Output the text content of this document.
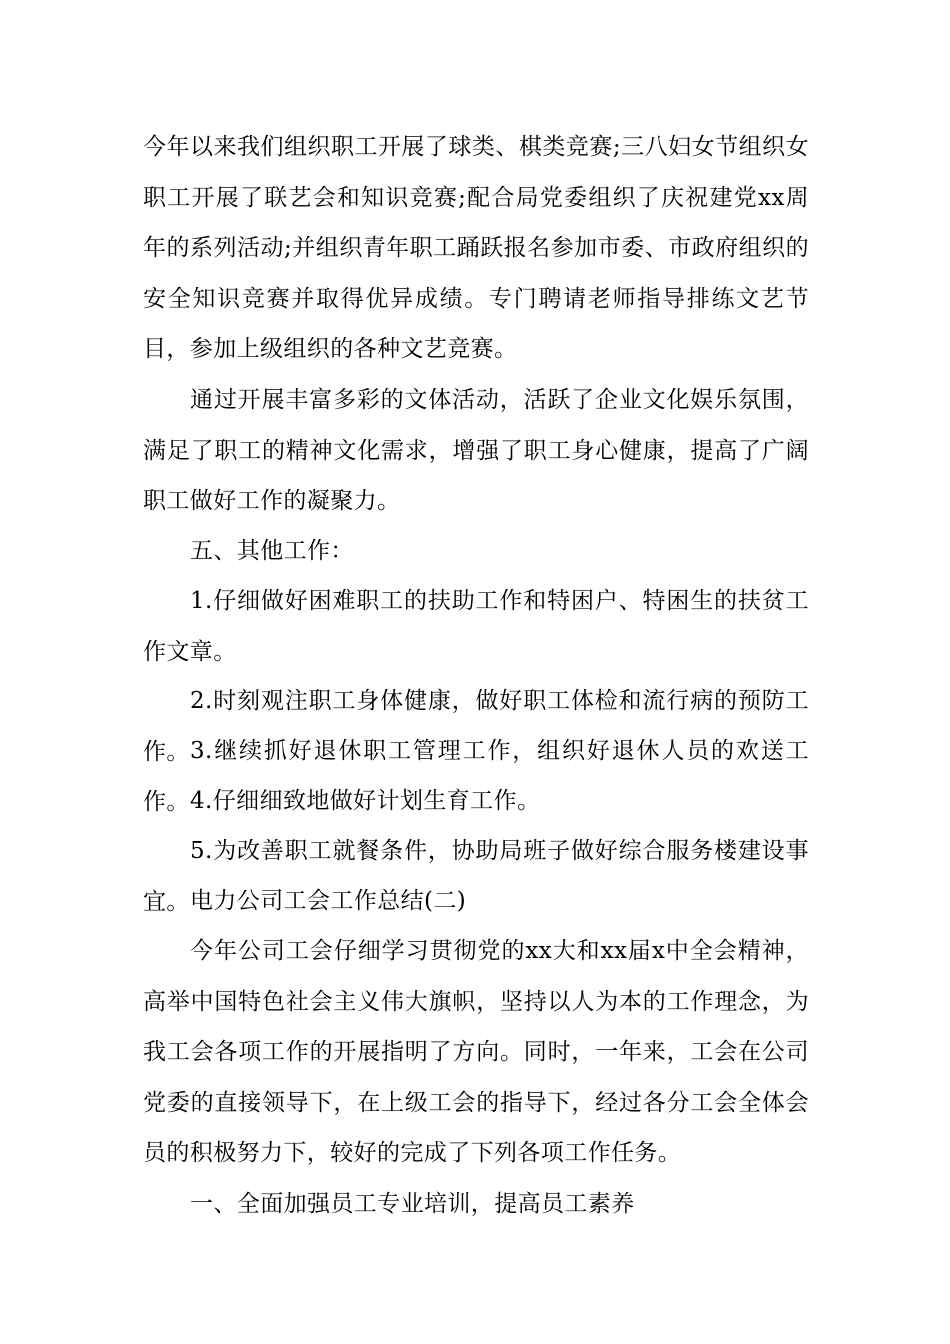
今年以来我们组织职工开展了球类、棋类竞赛;三八妇女节组织女职工开展了联艺会和知识竞赛;配合局党委组织了庆祝建党xx周年的系列活动;并组织青年职工踊跃报名参加市委、市政府组织的安全知识竞赛并取得优异成绩。专门聘请老师指导排练文艺节目，参加上级组织的各种文艺竞赛。

通过开展丰富多彩的文体活动，活跃了企业文化娱乐氛围，满足了职工的精神文化需求，增强了职工身心健康，提高了广阔职工做好工作的凝聚力。

五、其他工作：

1.仔细做好困难职工的扶助工作和特困户、特困生的扶贫工作文章。

2.时刻观注职工身体健康，做好职工体检和流行病的预防工作。 3.继续抓好退休职工管理工作，组织好退休人员的欢送工作。 4.仔细细致地做好计划生育工作。

5.为改善职工就餐条件，协助局班子做好综合服务楼建设事宜。 电力公司工会工作总结(二)

今年公司工会仔细学习贯彻党的xx大和xx届x中全会精神，高举中国特色社会主义伟大旗帜，坚持以人为本的工作理念，为我工会各项工作的开展指明了方向。同时，一年来，工会在公司党委的直接领导下，在上级工会的指导下，经过各分工会全体会员的积极努力下，较好的完成了下列各项工作任务。

一、全面加强员工专业培训，提高员工素养
